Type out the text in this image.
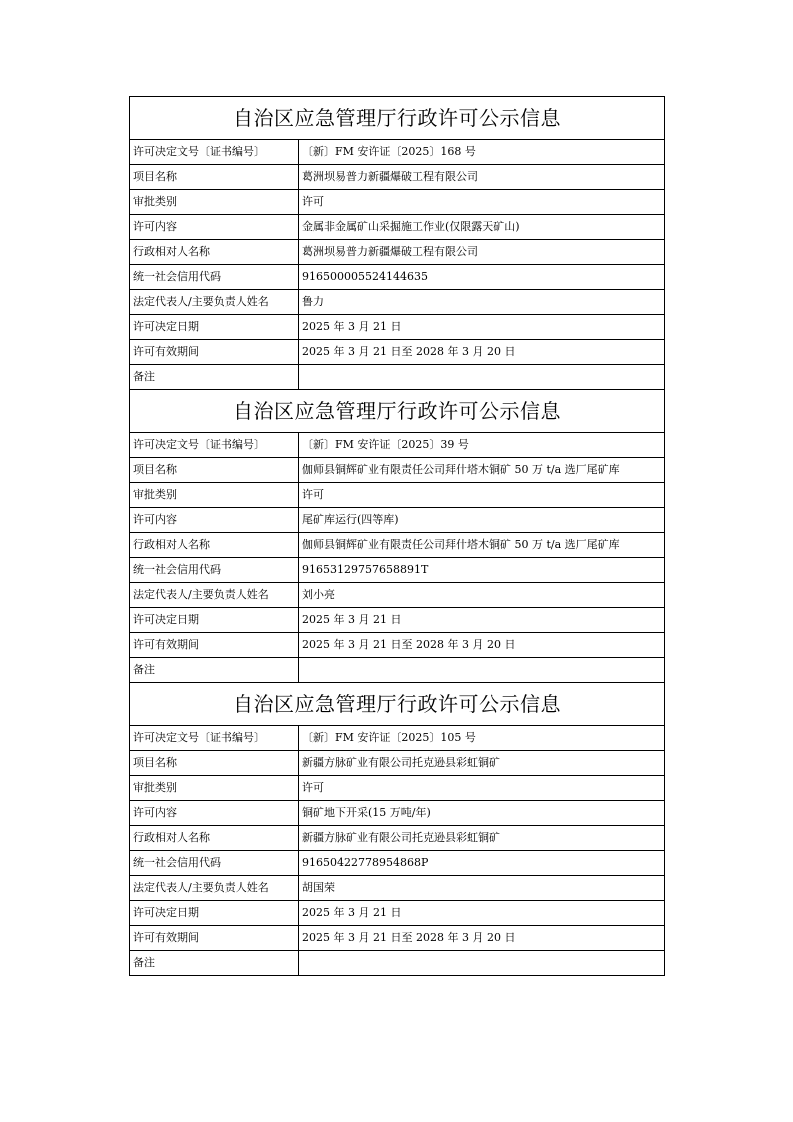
自治区应急管理厅行政许可公示信息	
许可决定文号〔证书编号〕	〔新〕FM 安许证〔2025〕168 号
项目名称	葛洲坝易普力新疆爆破工程有限公司
审批类别	许可
许可内容	金属非金属矿山采掘施工作业(仅限露天矿山)
行政相对人名称	葛洲坝易普力新疆爆破工程有限公司
统一社会信用代码	916500005524144635
法定代表人/主要负责人姓名	鲁力
许可决定日期	2025 年 3 月 21 日
许可有效期间	2025 年 3 月 21 日至 2028 年 3 月 20 日
备注	
自治区应急管理厅行政许可公示信息	
许可决定文号〔证书编号〕	〔新〕FM 安许证〔2025〕39 号
项目名称	伽师县铜辉矿业有限责任公司拜什塔木铜矿 50 万 t/a 选厂尾矿库
审批类别	许可
许可内容	尾矿库运行(四等库)
行政相对人名称	伽师县铜辉矿业有限责任公司拜什塔木铜矿 50 万 t/a 选厂尾矿库
统一社会信用代码	91653129757658891T
法定代表人/主要负责人姓名	刘小亮
许可决定日期	2025 年 3 月 21 日
许可有效期间	2025 年 3 月 21 日至 2028 年 3 月 20 日
备注	
自治区应急管理厅行政许可公示信息	
许可决定文号〔证书编号〕	〔新〕FM 安许证〔2025〕105 号
项目名称	新疆方脉矿业有限公司托克逊县彩虹铜矿
审批类别	许可
许可内容	铜矿地下开采(15 万吨/年)
行政相对人名称	新疆方脉矿业有限公司托克逊县彩虹铜矿
统一社会信用代码	91650422778954868P
法定代表人/主要负责人姓名	胡国荣
许可决定日期	2025 年 3 月 21 日
许可有效期间	2025 年 3 月 21 日至 2028 年 3 月 20 日
备注	
